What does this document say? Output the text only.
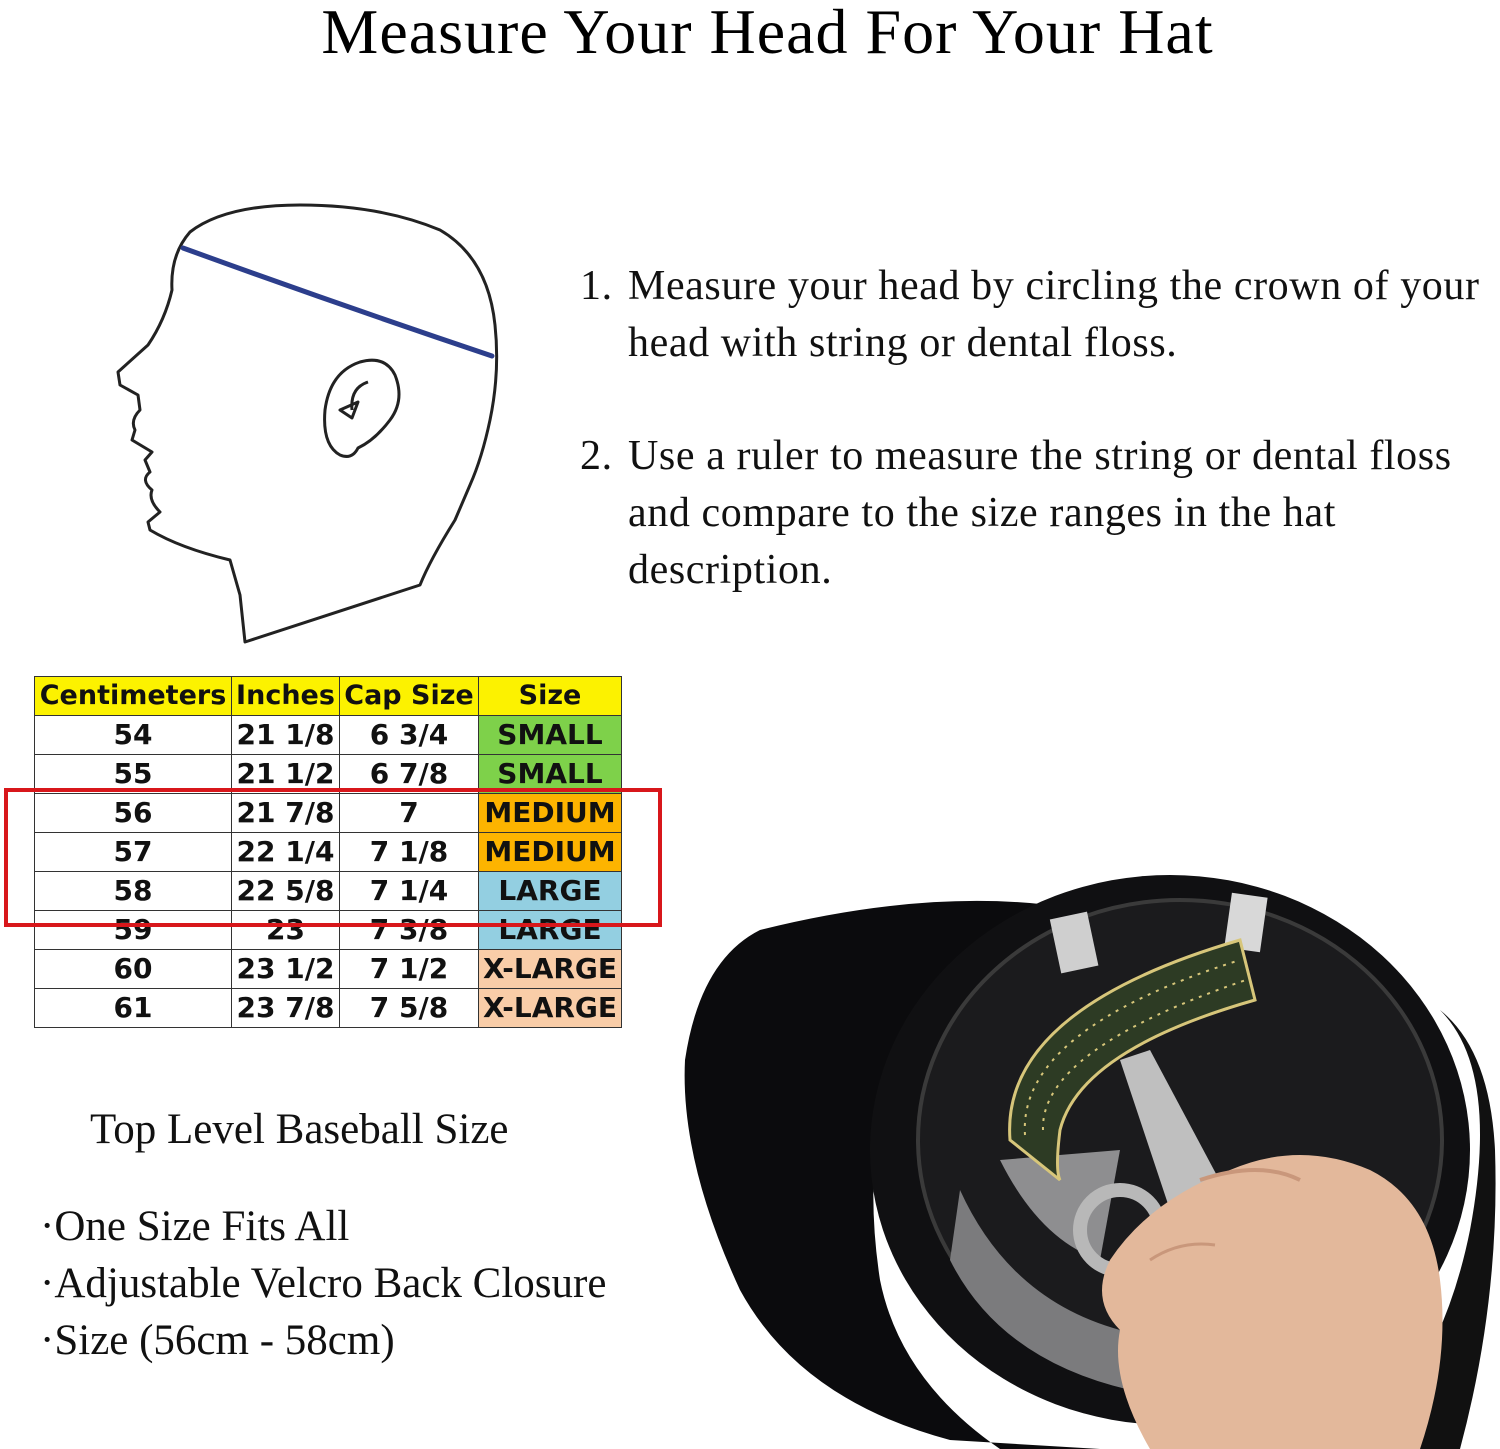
Measure Your Head For Your Hat
1. Measure your head by circling the crown of your head with string or dental floss.
2. Use a ruler to measure the string or dental floss and compare to the size ranges in the hat description.
Centimeters	Inches	Cap Size	Size
54	21 1/8	6 3/4	SMALL
55	21 1/2	6 7/8	SMALL
56	21 7/8	7	MEDIUM
57	22 1/4	7 1/8	MEDIUM
58	22 5/8	7 1/4	LARGE
59	23	7 3/8	LARGE
60	23 1/2	7 1/2	X-LARGE
61	23 7/8	7 5/8	X-LARGE
Top Level Baseball Size
· One Size Fits All
· Adjustable Velcro Back Closure
· Size (56cm - 58cm)
